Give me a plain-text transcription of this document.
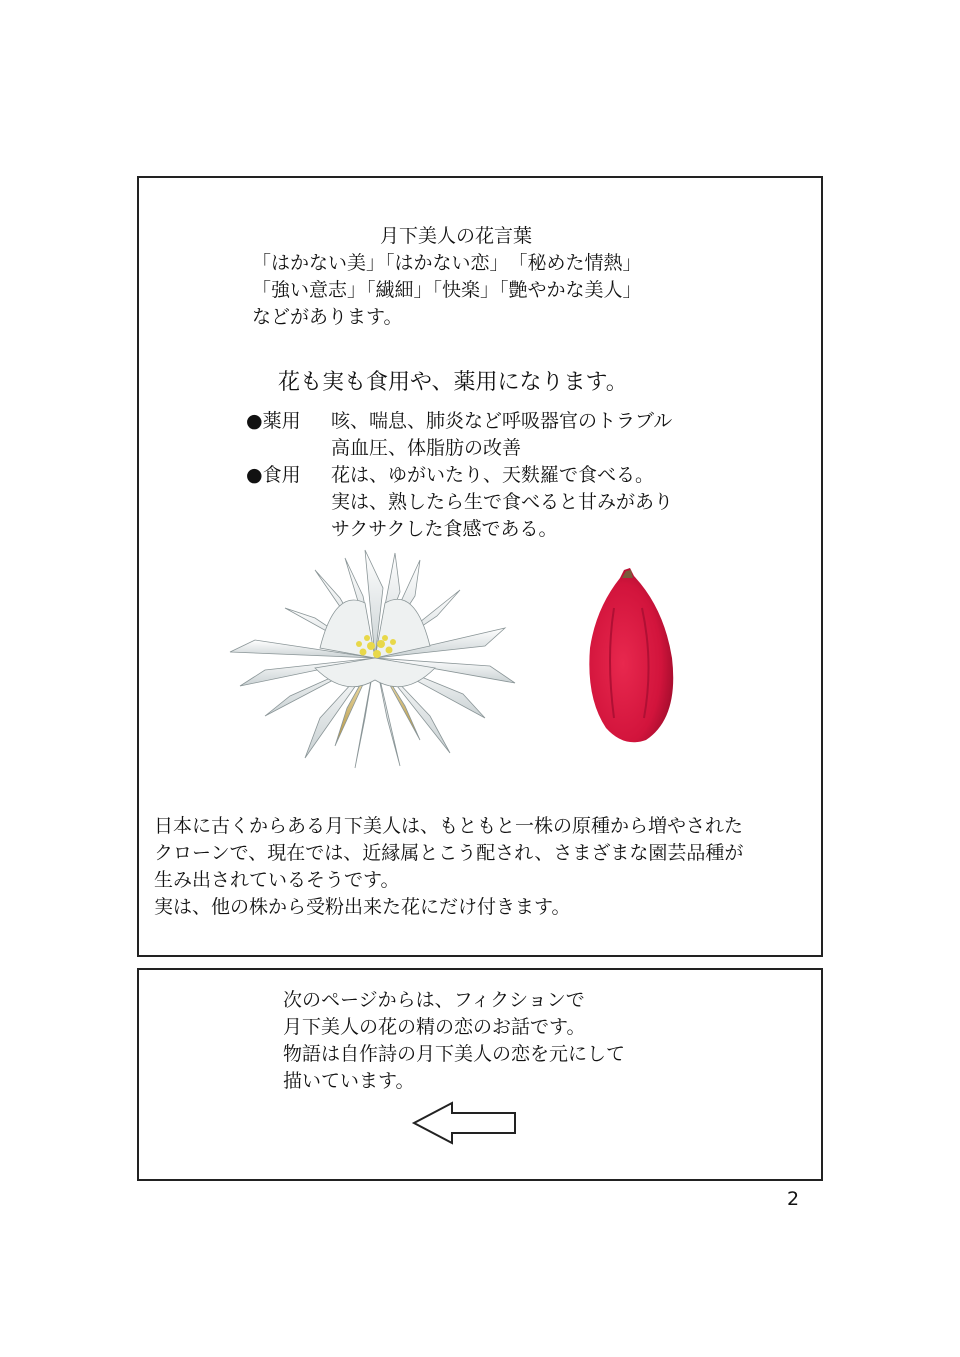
月下美人の花言葉
「はかない美」「はかない恋」　「秘めた情熱」
「強い意志」「繊細」「快楽」「艶やかな美人」
などがあります。
花も実も食用や、薬用になります。
●薬用 咳、喘息、肺炎など呼吸器官のトラブル
高血圧、体脂肪の改善
●食用 花は、ゆがいたり、天麩羅で食べる。
実は、熟したら生で食べると甘みがあり
サクサクした食感である。
日本に古くからある月下美人は、もともと一株の原種から増やされた
クローンで、現在では、近縁属とこう配され、さまざまな園芸品種が
生み出されているそうです。
実は、他の株から受粉出来た花にだけ付きます。
次のページからは、フィクションで
月下美人の花の精の恋のお話です。
物語は自作詩の月下美人の恋を元にして
描いています。
2
